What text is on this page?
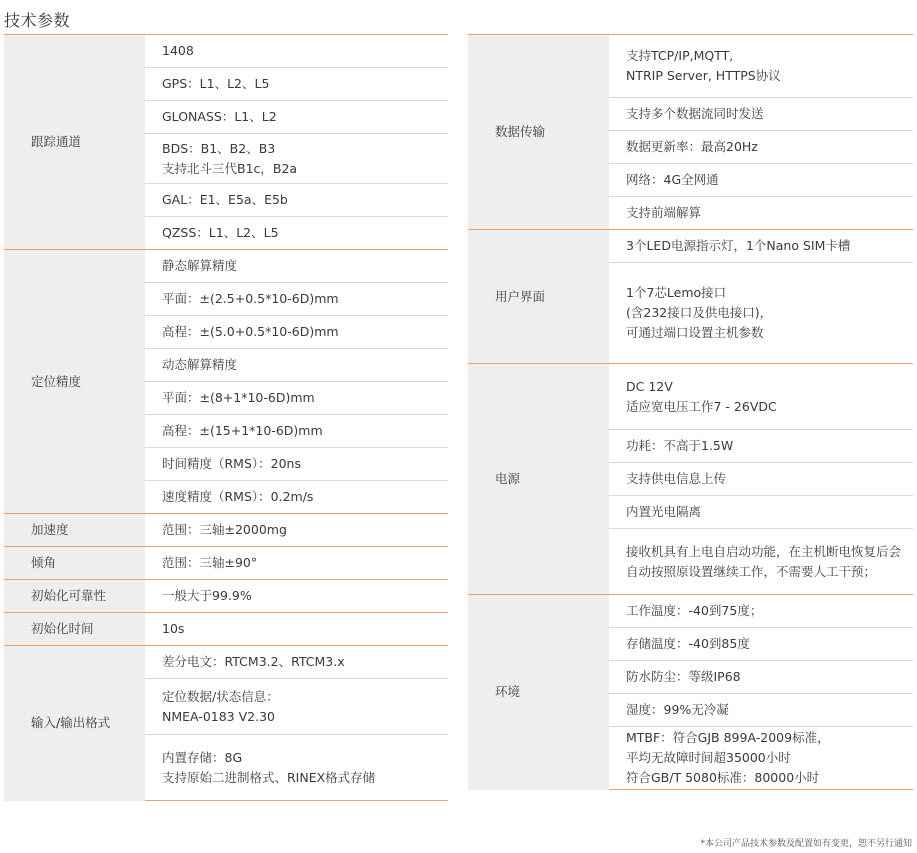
技术参数
跟踪通道	1408

	GPS：L1、L2、L5

	GLONASS：L1、L2

	BDS：B1、B2、B3
支持北斗三代B1c，B2a

	GAL：E1、E5a、E5b

	QZSS：L1、L2、L5

定位精度	静态解算精度

	平面：±(2.5+0.5*10-6D)mm

	高程：±(5.0+0.5*10-6D)mm

	动态解算精度

	平面：±(8+1*10-6D)mm

	高程：±(15+1*10-6D)mm

	时间精度（RMS）：20ns

	速度精度（RMS）：0.2m/s

加速度	范围：三轴±2000mg

倾角	范围：三轴±90°

初始化可靠性	一般大于99.9%

初始化时间	10s

输入/输出格式	差分电文：RTCM3.2、RTCM3.x

	定位数据/状态信息：
NMEA-0183 V2.30

	内置存储：8G
支持原始二进制格式、RINEX格式存储
数据传输	支持TCP/IP,MQTT,
NTRIP Server, HTTPS协议

	支持多个数据流同时发送

	数据更新率：最高20Hz

	网络：4G全网通

	支持前端解算

用户界面	3个LED电源指示灯，1个Nano SIM卡槽

	1个7芯Lemo接口
(含232接口及供电接口)，
可通过端口设置主机参数

电源	DC 12V
适应宽电压工作7 - 26VDC

	功耗：不高于1.5W

	支持供电信息上传

	内置光电隔离

	接收机具有上电自启动功能，在主机断电恢复后会
自动按照原设置继续工作，不需要人工干预；

环境	工作温度：-40到75度；

	存储温度：-40到85度

	防水防尘：等级IP68

	湿度：99%无冷凝

	MTBF：符合GJB 899A-2009标准，
平均无故障时间超35000小时
符合GB/T 5080标准：80000小时
*本公司产品技术参数及配置如有变更，恕不另行通知
